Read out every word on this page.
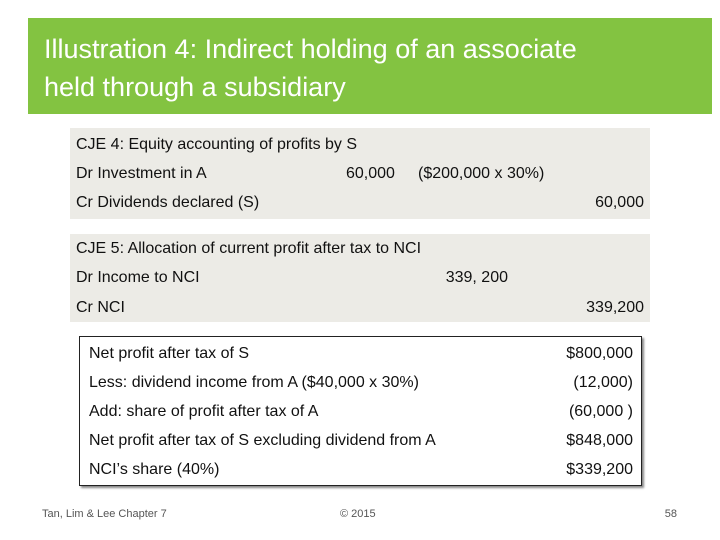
Illustration 4: Indirect holding of an associate
held through a subsidiary
CJE 4: Equity accounting of profits by S
Dr Investment in A	60,000 ($200,000 x 30%)
Cr Dividends declared (S)	60,000
CJE 5: Allocation of current profit after tax to NCI
Dr Income to NCI	339, 200
Cr NCI	339,200
Net profit after tax of S	$800,000
Less: dividend income from A ($40,000 x 30%)	(12,000)
Add: share of profit after tax of A	(60,000 )
Net profit after tax of S excluding dividend from A	$848,000
NCI’s share (40%)	$339,200
Tan, Lim & Lee Chapter 7	© 2015	58
